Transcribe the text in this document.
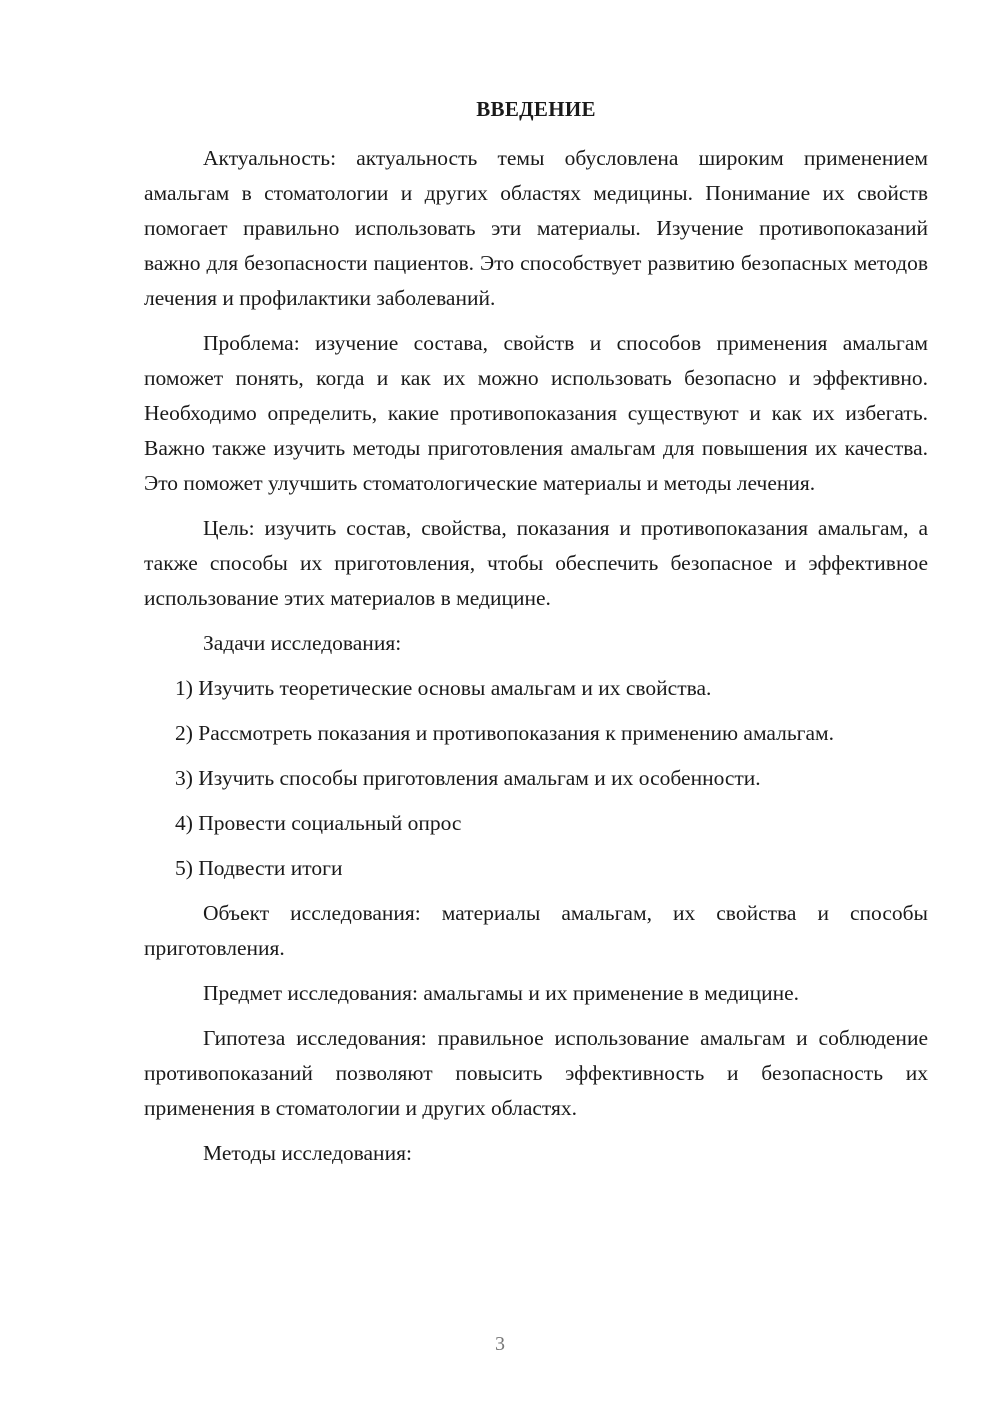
ВВЕДЕНИЕ

Актуальность: актуальность темы обусловлена широким применением амальгам в стоматологии и других областях медицины. Понимание их свойств помогает правильно использовать эти материалы. Изучение противопоказаний важно для безопасности пациентов. Это способствует развитию безопасных методов лечения и профилактики заболеваний.

Проблема: изучение состава, свойств и способов применения амальгам поможет понять, когда и как их можно использовать безопасно и эффективно. Необходимо определить, какие противопоказания существуют и как их избегать. Важно также изучить методы приготовления амальгам для повышения их качества. Это поможет улучшить стоматологические материалы и методы лечения.

Цель: изучить состав, свойства, показания и противопоказания амальгам, а также способы их приготовления, чтобы обеспечить безопасное и эффективное использование этих материалов в медицине.

Задачи исследования:

1) Изучить теоретические основы амальгам и их свойства.

2) Рассмотреть показания и противопоказания к применению амальгам.

3) Изучить способы приготовления амальгам и их особенности.

4) Провести социальный опрос

5) Подвести итоги

Объект исследования: материалы амальгам, их свойства и способы приготовления.

Предмет исследования: амальгамы и их применение в медицине.

Гипотеза исследования: правильное использование амальгам и соблюдение противопоказаний позволяют повысить эффективность и безопасность их применения в стоматологии и других областях.

Методы исследования:

3
